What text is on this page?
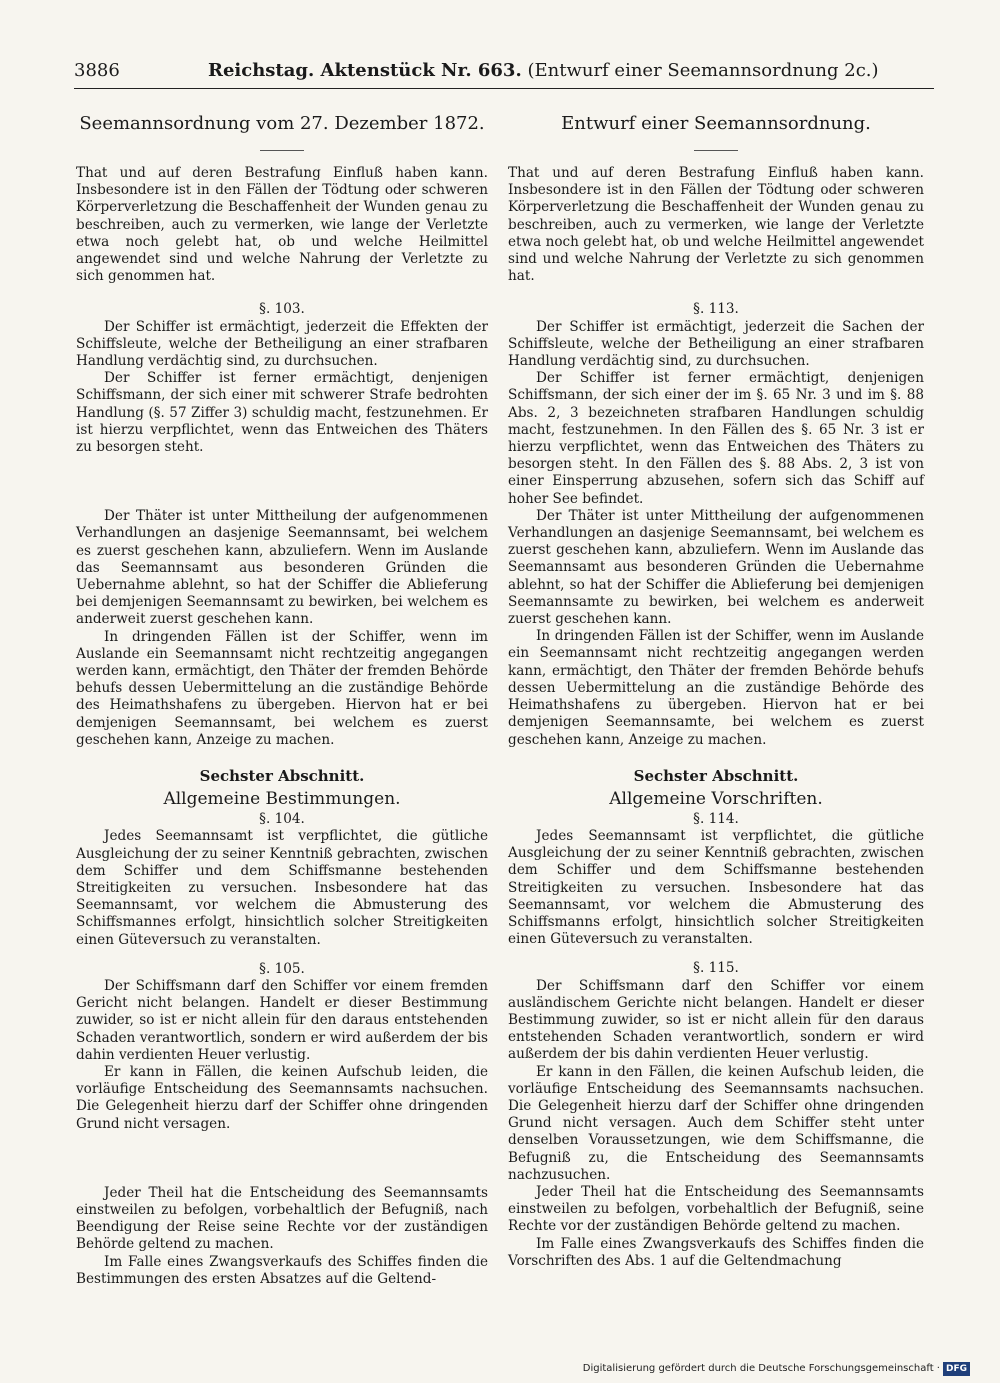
3886	Reichstag. Aktenstück Nr. 663. (Entwurf einer Seemannsordnung 2c.)
Seemannsordnung vom 27. Dezember 1872.

That und auf deren Bestrafung Einfluß haben kann. Insbesondere ist in den Fällen der Tödtung oder schweren Körperverletzung die Beschaffenheit der Wunden genau zu beschreiben, auch zu vermerken, wie lange der Verletzte etwa noch gelebt hat, ob und welche Heilmittel angewendet sind und welche Nahrung der Verletzte zu sich genommen hat.

§. 103.

Der Schiffer ist ermächtigt, jederzeit die Effekten der Schiffsleute, welche der Betheiligung an einer strafbaren Handlung verdächtig sind, zu durchsuchen.

Der Schiffer ist ferner ermächtigt, denjenigen Schiffsmann, der sich einer mit schwerer Strafe bedrohten Handlung (§. 57 Ziffer 3) schuldig macht, festzunehmen. Er ist hierzu verpflichtet, wenn das Entweichen des Thäters zu besorgen steht.

Der Thäter ist unter Mittheilung der aufgenommenen Verhandlungen an dasjenige Seemannsamt, bei welchem es zuerst geschehen kann, abzuliefern. Wenn im Auslande das Seemannsamt aus besonderen Gründen die Uebernahme ablehnt, so hat der Schiffer die Ablieferung bei demjenigen Seemannsamt zu bewirken, bei welchem es anderweit zuerst geschehen kann.

In dringenden Fällen ist der Schiffer, wenn im Auslande ein Seemannsamt nicht rechtzeitig angegangen werden kann, ermächtigt, den Thäter der fremden Behörde behufs dessen Uebermittelung an die zuständige Behörde des Heimathshafens zu übergeben. Hiervon hat er bei demjenigen Seemannsamt, bei welchem es zuerst geschehen kann, Anzeige zu machen.

Sechster Abschnitt.
Allgemeine Bestimmungen.
§. 104.

Jedes Seemannsamt ist verpflichtet, die gütliche Ausgleichung der zu seiner Kenntniß gebrachten, zwischen dem Schiffer und dem Schiffsmanne bestehenden Streitigkeiten zu versuchen. Insbesondere hat das Seemannsamt, vor welchem die Abmusterung des Schiffsmannes erfolgt, hinsichtlich solcher Streitigkeiten einen Güteversuch zu veranstalten.

§. 105.

Der Schiffsmann darf den Schiffer vor einem fremden Gericht nicht belangen. Handelt er dieser Bestimmung zuwider, so ist er nicht allein für den daraus entstehenden Schaden verantwortlich, sondern er wird außerdem der bis dahin verdienten Heuer verlustig.

Er kann in Fällen, die keinen Aufschub leiden, die vorläufige Entscheidung des Seemannsamts nachsuchen. Die Gelegenheit hierzu darf der Schiffer ohne dringenden Grund nicht versagen.

Jeder Theil hat die Entscheidung des Seemannsamts einstweilen zu befolgen, vorbehaltlich der Befugniß, nach Beendigung der Reise seine Rechte vor der zuständigen Behörde geltend zu machen.

Im Falle eines Zwangsverkaufs des Schiffes finden die Bestimmungen des ersten Absatzes auf die Geltend-

Entwurf einer Seemannsordnung.

That und auf deren Bestrafung Einfluß haben kann. Insbesondere ist in den Fällen der Tödtung oder schweren Körperverletzung die Beschaffenheit der Wunden genau zu beschreiben, auch zu vermerken, wie lange der Verletzte etwa noch gelebt hat, ob und welche Heilmittel angewendet sind und welche Nahrung der Verletzte zu sich genommen hat.

§. 113.

Der Schiffer ist ermächtigt, jederzeit die Sachen der Schiffsleute, welche der Betheiligung an einer strafbaren Handlung verdächtig sind, zu durchsuchen.

Der Schiffer ist ferner ermächtigt, denjenigen Schiffsmann, der sich einer der im §. 65 Nr. 3 und im §. 88 Abs. 2, 3 bezeichneten strafbaren Handlungen schuldig macht, festzunehmen. In den Fällen des §. 65 Nr. 3 ist er hierzu verpflichtet, wenn das Entweichen des Thäters zu besorgen steht. In den Fällen des §. 88 Abs. 2, 3 ist von einer Einsperrung abzusehen, sofern sich das Schiff auf hoher See befindet.

Der Thäter ist unter Mittheilung der aufgenommenen Verhandlungen an dasjenige Seemannsamt, bei welchem es zuerst geschehen kann, abzuliefern. Wenn im Auslande das Seemannsamt aus besonderen Gründen die Uebernahme ablehnt, so hat der Schiffer die Ablieferung bei demjenigen Seemannsamte zu bewirken, bei welchem es anderweit zuerst geschehen kann.

In dringenden Fällen ist der Schiffer, wenn im Auslande ein Seemannsamt nicht rechtzeitig angegangen werden kann, ermächtigt, den Thäter der fremden Behörde behufs dessen Uebermittelung an die zuständige Behörde des Heimathshafens zu übergeben. Hiervon hat er bei demjenigen Seemannsamte, bei welchem es zuerst geschehen kann, Anzeige zu machen.

Sechster Abschnitt.
Allgemeine Vorschriften.
§. 114.

Jedes Seemannsamt ist verpflichtet, die gütliche Ausgleichung der zu seiner Kenntniß gebrachten, zwischen dem Schiffer und dem Schiffsmanne bestehenden Streitigkeiten zu versuchen. Insbesondere hat das Seemannsamt, vor welchem die Abmusterung des Schiffsmanns erfolgt, hinsichtlich solcher Streitigkeiten einen Güteversuch zu veranstalten.

§. 115.

Der Schiffsmann darf den Schiffer vor einem ausländischem Gerichte nicht belangen. Handelt er dieser Bestimmung zuwider, so ist er nicht allein für den daraus entstehenden Schaden verantwortlich, sondern er wird außerdem der bis dahin verdienten Heuer verlustig.

Er kann in den Fällen, die keinen Aufschub leiden, die vorläufige Entscheidung des Seemannsamts nachsuchen. Die Gelegenheit hierzu darf der Schiffer ohne dringenden Grund nicht versagen. Auch dem Schiffer steht unter denselben Voraussetzungen, wie dem Schiffsmanne, die Befugniß zu, die Entscheidung des Seemannsamts nachzusuchen.

Jeder Theil hat die Entscheidung des Seemannsamts einstweilen zu befolgen, vorbehaltlich der Befugniß, seine Rechte vor der zuständigen Behörde geltend zu machen.

Im Falle eines Zwangsverkaufs des Schiffes finden die Vorschriften des Abs. 1 auf die Geltendmachung

Digitalisierung gefördert durch die Deutsche Forschungsgemeinschaft · DFG
